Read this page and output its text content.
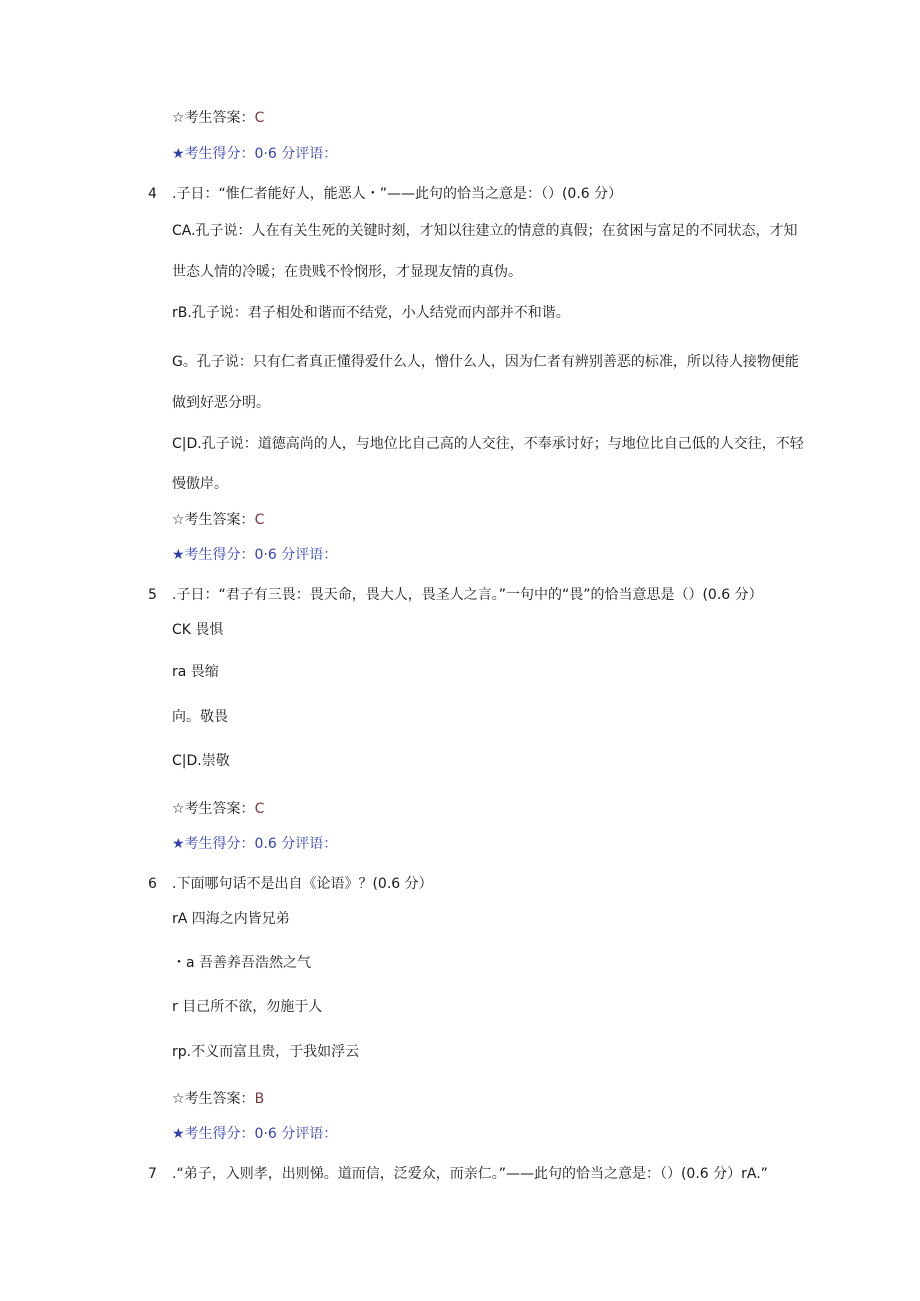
☆考生答案：C
★考生得分：0·6 分评语：
4 .子日：“惟仁者能好人，能恶人・”——此句的恰当之意是：（）(0.6 分）
CA.孔子说：人在有关生死的关键时刻，才知以往建立的情意的真假；在贫困与富足的不同状态，才知
世态人情的冷暖；在贵贱不怜悯形，才显现友情的真伪。
rB.孔子说：君子相处和谐而不结党，小人结党而内部并不和谐。
G。孔子说：只有仁者真正懂得爱什么人，憎什么人，因为仁者有辨别善恶的标准，所以待人接物便能
做到好恶分明。
C|D.孔子说：道德高尚的人，与地位比自己高的人交往，不奉承讨好；与地位比自己低的人交往，不轻
慢傲岸。
☆考生答案：C
★考生得分：0·6 分评语：
5 .子日：“君子有三畏：畏天命，畏大人，畏圣人之言。”一句中的“畏”的恰当意思是（）(0.6 分）
CK 畏惧
ra 畏缩
向。敬畏
C|D.崇敬
☆考生答案：C
★考生得分：0.6 分评语：
6 .下面哪句话不是出自《论语》？(0.6 分）
rA 四海之内皆兄弟
・a 吾善养吾浩然之气
r 目己所不欲，勿施于人
rp.不义而富且贵，于我如浮云
☆考生答案：B
★考生得分：0·6 分评语：
7 .“弟子，入则孝，出则悌。道而信，泛爱众，而亲仁。”——此句的恰当之意是：（）(0.6 分）rA.”
